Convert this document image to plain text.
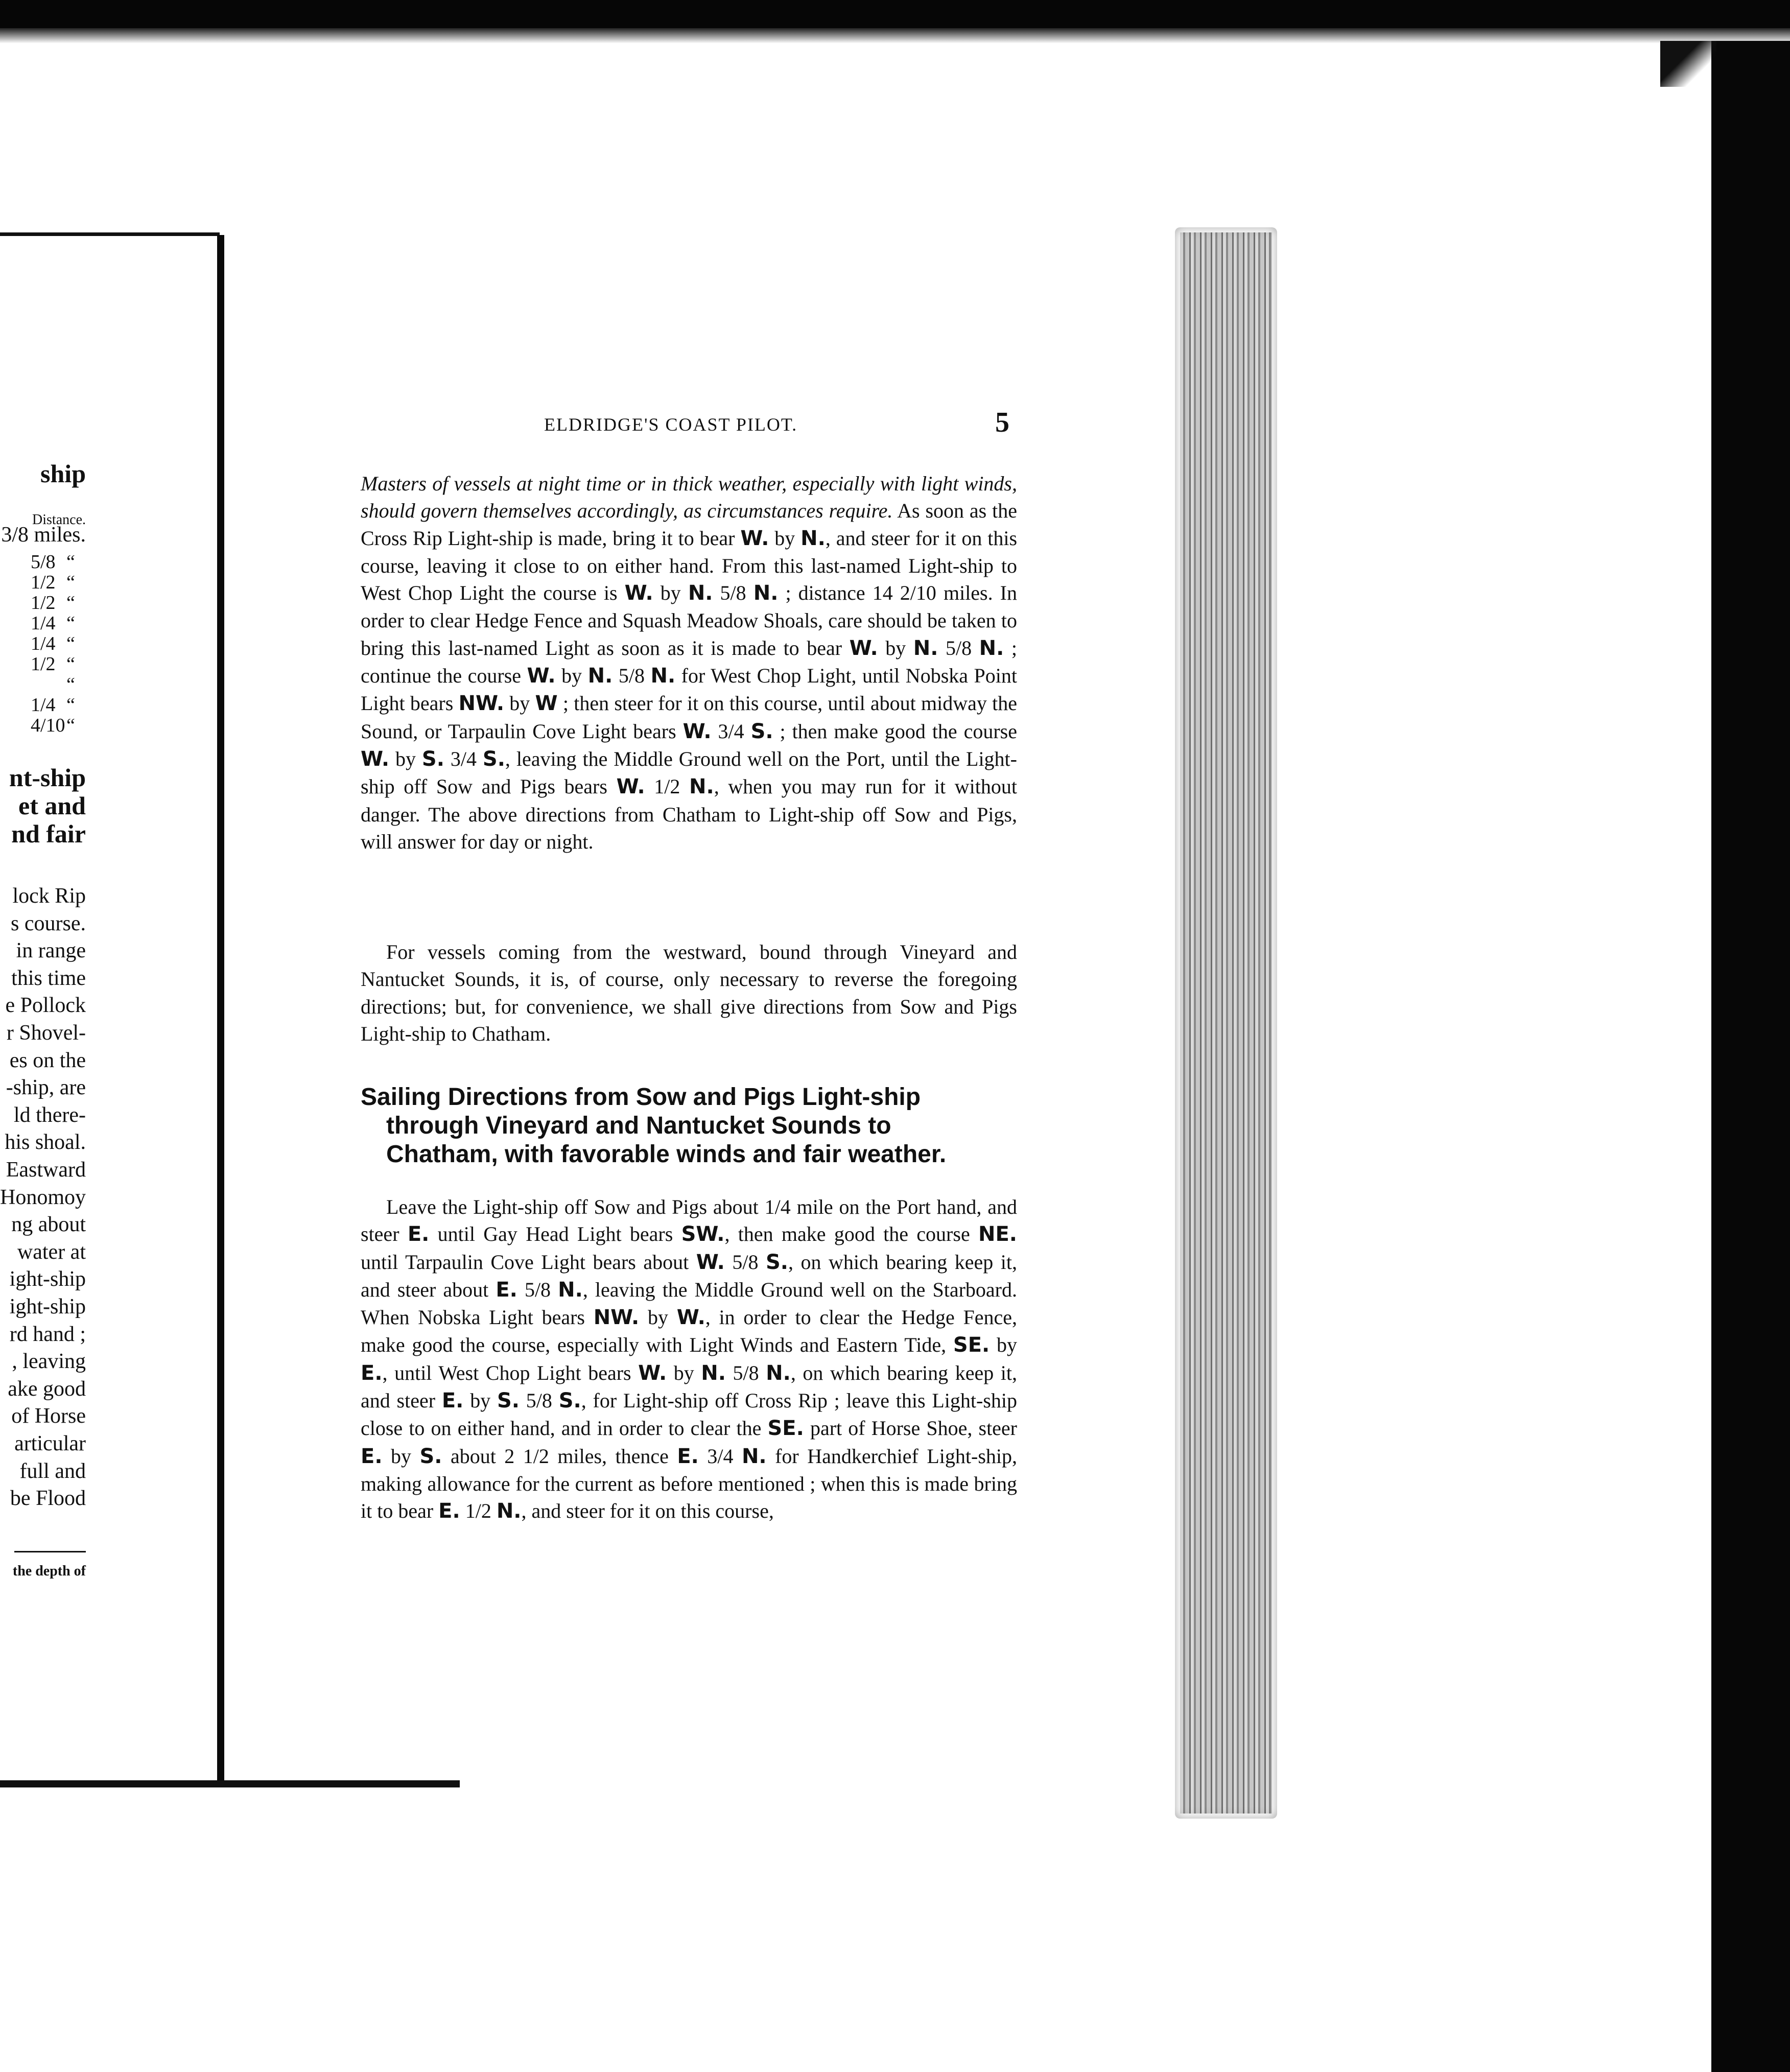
ship
Distance.
3/8 miles.
5/8 “
1/2 “
1/2 “
1/4 “
1/4 “
1/2 “
“
1/4 “
4/10“
nt-ship
et and
nd fair
lock Rip
s course.
in range
this time
e Pollock
r Shovel-
es on the
-ship, are
ld there-
his shoal.
Eastward
Honomoy
ng about
water at
ight-ship
ight-ship
rd hand ;
, leaving
ake good
of Horse
articular
full and
be Flood
the depth of
ELDRIDGE'S COAST PILOT.	5
Masters of vessels at night time or in thick weather, especially with light winds, should govern themselves accordingly, as circumstances require. As soon as the Cross Rip Light-ship is made, bring it to bear W. by N., and steer for it on this course, leaving it close to on either hand. From this last-named Light-ship to West Chop Light the course is W. by N. 5/8 N. ; distance 14 2/10 miles. In order to clear Hedge Fence and Squash Meadow Shoals, care should be taken to bring this last-named Light as soon as it is made to bear W. by N. 5/8 N. ; continue the course W. by N. 5/8 N. for West Chop Light, until Nobska Point Light bears NW. by W ; then steer for it on this course, until about midway the Sound, or Tarpaulin Cove Light bears W. 3/4 S. ; then make good the course W. by S. 3/4 S., leaving the Middle Ground well on the Port, until the Light-ship off Sow and Pigs bears W. 1/2 N., when you may run for it without danger. The above directions from Chatham to Light-ship off Sow and Pigs, will answer for day or night.
For vessels coming from the westward, bound through Vineyard and Nantucket Sounds, it is, of course, only necessary to reverse the foregoing directions; but, for convenience, we shall give directions from Sow and Pigs Light-ship to Chatham.
Sailing Directions from Sow and Pigs Light-ship
through Vineyard and Nantucket Sounds to
Chatham, with favorable winds and fair weather.
Leave the Light-ship off Sow and Pigs about 1/4 mile on the Port hand, and steer E. until Gay Head Light bears SW., then make good the course NE. until Tarpaulin Cove Light bears about W. 5/8 S., on which bearing keep it, and steer about E. 5/8 N., leaving the Middle Ground well on the Starboard. When Nobska Light bears NW. by W., in order to clear the Hedge Fence, make good the course, especially with Light Winds and Eastern Tide, SE. by E., until West Chop Light bears W. by N. 5/8 N., on which bearing keep it, and steer E. by S. 5/8 S., for Light-ship off Cross Rip ; leave this Light-ship close to on either hand, and in order to clear the SE. part of Horse Shoe, steer E. by S. about 2 1/2 miles, thence E. 3/4 N. for Handkerchief Light-ship, making allowance for the current as before mentioned ; when this is made bring it to bear E. 1/2 N., and steer for it on this course,
